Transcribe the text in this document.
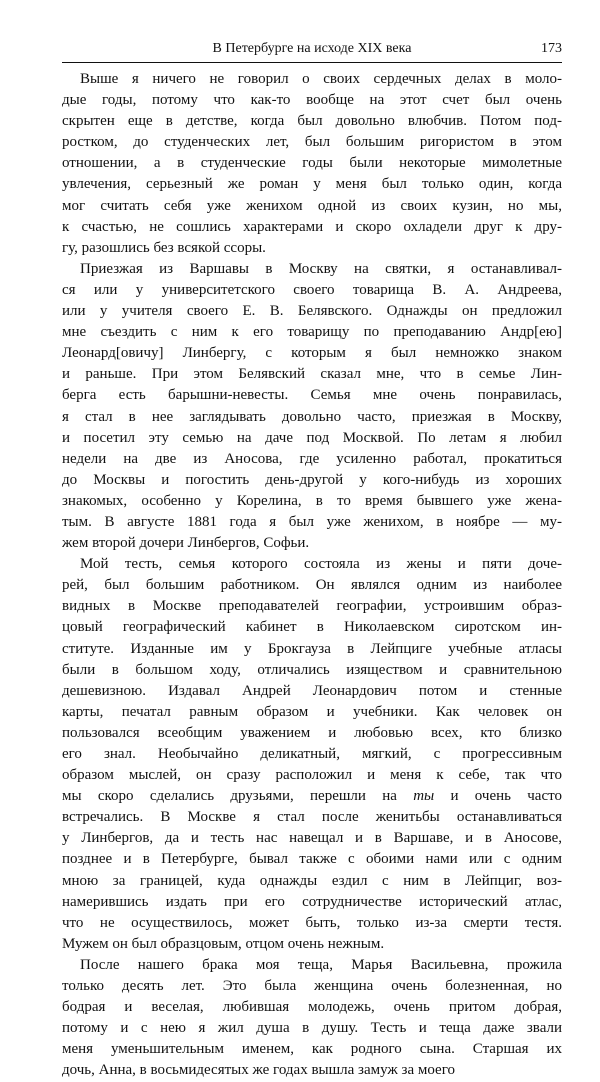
В Петербурге на исходе XIX века	173
Выше я ничего не говорил о своих сердечных делах в моло-
дые годы, потому что как-то вообще на этот счет был очень
скрытен еще в детстве, когда был довольно влюбчив. Потом под-
ростком, до студенческих лет, был большим ригористом в этом
отношении, а в студенческие годы были некоторые мимолетные
увлечения, серьезный же роман у меня был только один, когда
мог считать себя уже женихом одной из своих кузин, но мы,
к счастью, не сошлись характерами и скоро охладели друг к дру-
гу, разошлись без всякой ссоры.
Приезжая из Варшавы в Москву на святки, я останавливал-
ся или у университетского своего товарища В. А. Андреева,
или у учителя своего Е. В. Белявского. Однажды он предложил
мне съездить с ним к его товарищу по преподаванию Андр[ею]
Леонард[овичу] Линбергу, с которым я был немножко знаком
и раньше. При этом Белявский сказал мне, что в семье Лин-
берга есть барышни-невесты. Семья мне очень понравилась,
я стал в нее заглядывать довольно часто, приезжая в Москву,
и посетил эту семью на даче под Москвой. По летам я любил
недели на две из Аносова, где усиленно работал, прокатиться
до Москвы и погостить день-другой у кого-нибудь из хороших
знакомых, особенно у Корелина, в то время бывшего уже жена-
тым. В августе 1881 года я был уже женихом, в ноябре — му-
жем второй дочери Линбергов, Софьи.
Мой тесть, семья которого состояла из жены и пяти доче-
рей, был большим работником. Он являлся одним из наиболее
видных в Москве преподавателей географии, устроившим образ-
цовый географический кабинет в Николаевском сиротском ин-
ституте. Изданные им у Брокгауза в Лейпциге учебные атласы
были в большом ходу, отличались изяществом и сравнительною
дешевизною. Издавал Андрей Леонардович потом и стенные
карты, печатал равным образом и учебники. Как человек он
пользовался всеобщим уважением и любовью всех, кто близко
его знал. Необычайно деликатный, мягкий, с прогрессивным
образом мыслей, он сразу расположил и меня к себе, так что
мы скоро сделались друзьями, перешли на ты и очень часто
встречались. В Москве я стал после женитьбы останавливаться
у Линбергов, да и тесть нас навещал и в Варшаве, и в Аносове,
позднее и в Петербурге, бывал также с обоими нами или с одним
мною за границей, куда однажды ездил с ним в Лейпциг, воз-
намерившись издать при его сотрудничестве исторический атлас,
что не осуществилось, может быть, только из-за смерти тестя.
Мужем он был образцовым, отцом очень нежным.
После нашего брака моя теща, Марья Васильевна, прожила
только десять лет. Это была женщина очень болезненная, но
бодрая и веселая, любившая молодежь, очень притом добрая,
потому и с нею я жил душа в душу. Тесть и теща даже звали
меня уменьшительным именем, как родного сына. Старшая их
дочь, Анна, в восьмидесятых же годах вышла замуж за моего
